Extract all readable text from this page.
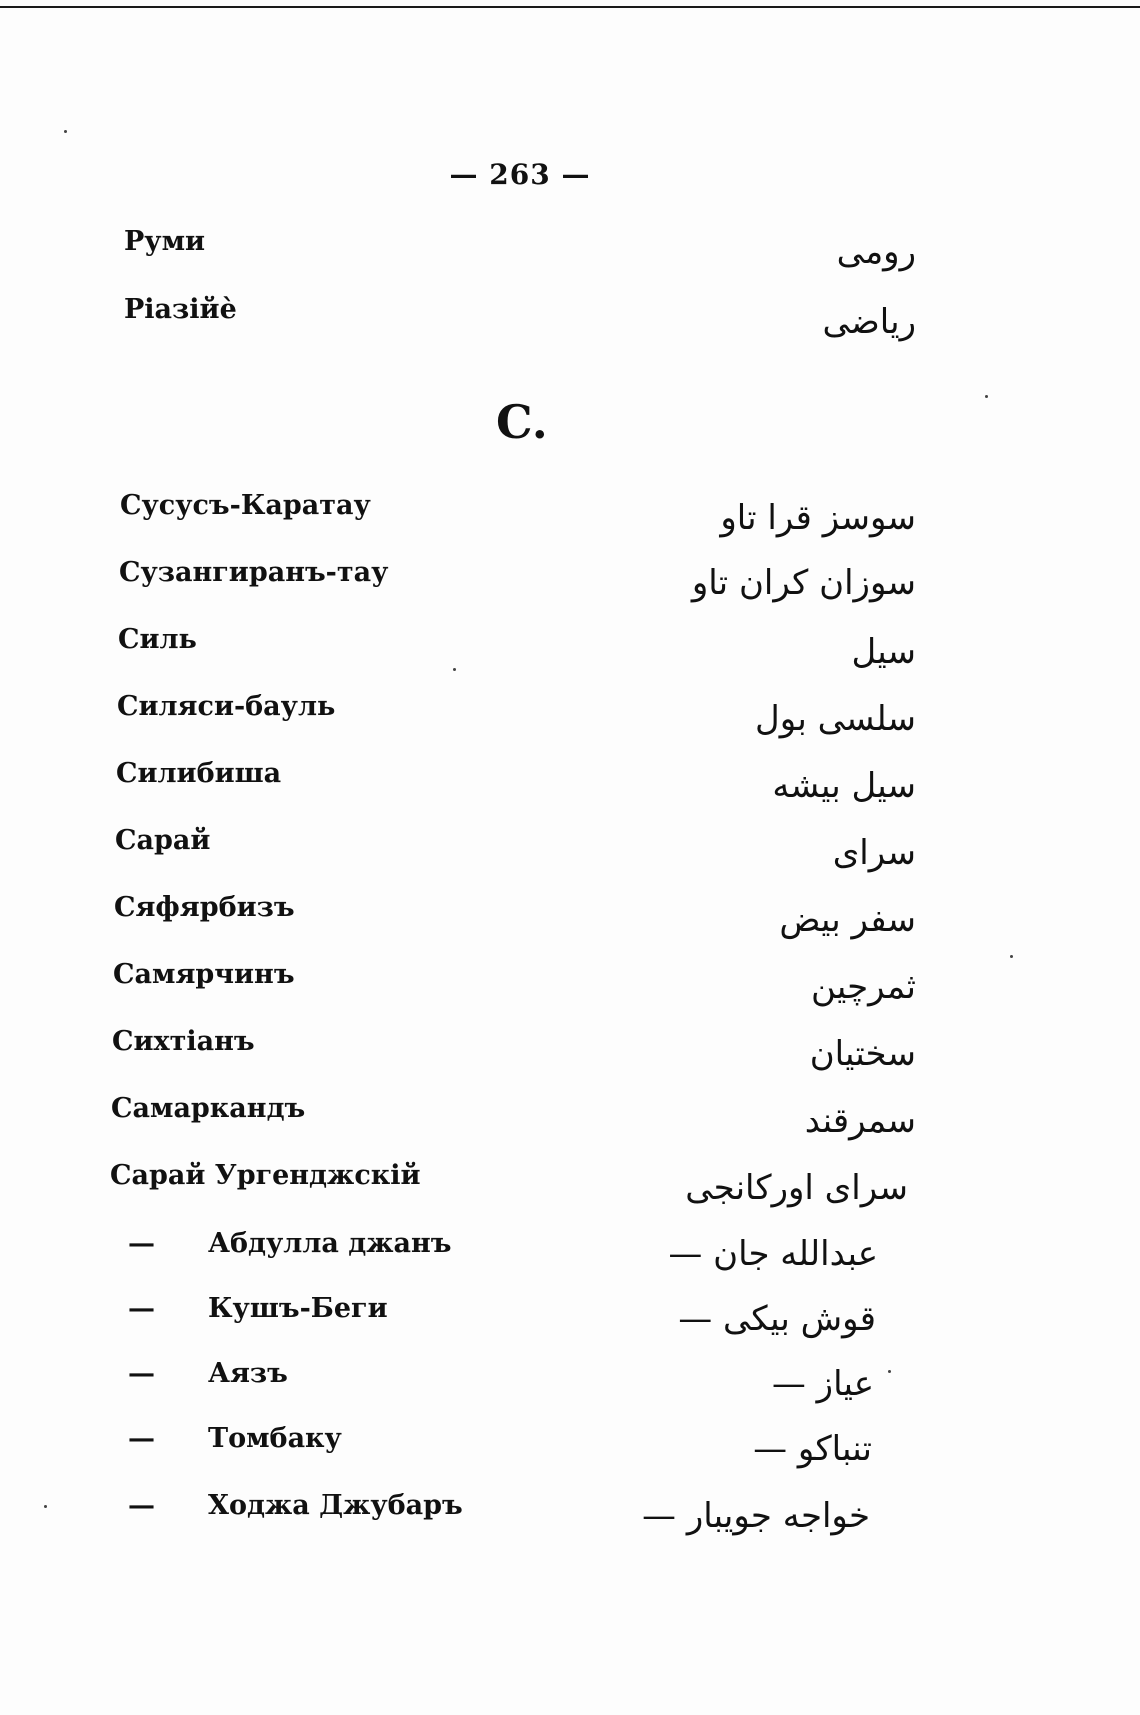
— 263 —
Руми	رومی
Ріазійѐ	ریاضی
C.
Сусусъ-Каратау	سوسز قرا تاو
Сузангиранъ-тау	سوزان کران تاو
Силь	سیل
Силяси-бауль	سلسی بول
Силибиша	سیل بیشه
Сарай	سرای
Сяфярбизъ	سفر بیض
Самярчинъ	ثمرچین
Сихтіанъ	سختیان
Самаркандъ	سمرقند
Сарай Ургенджскій	سرای اورکانجی
— Абдулла джанъ	عبدالله جان —
— Кушъ-Беги	قوش بیکی —
— Аязъ	عیاز —
— Томбаку	تنباکو —
— Ходжа Джубаръ	خواجه جویبار —
